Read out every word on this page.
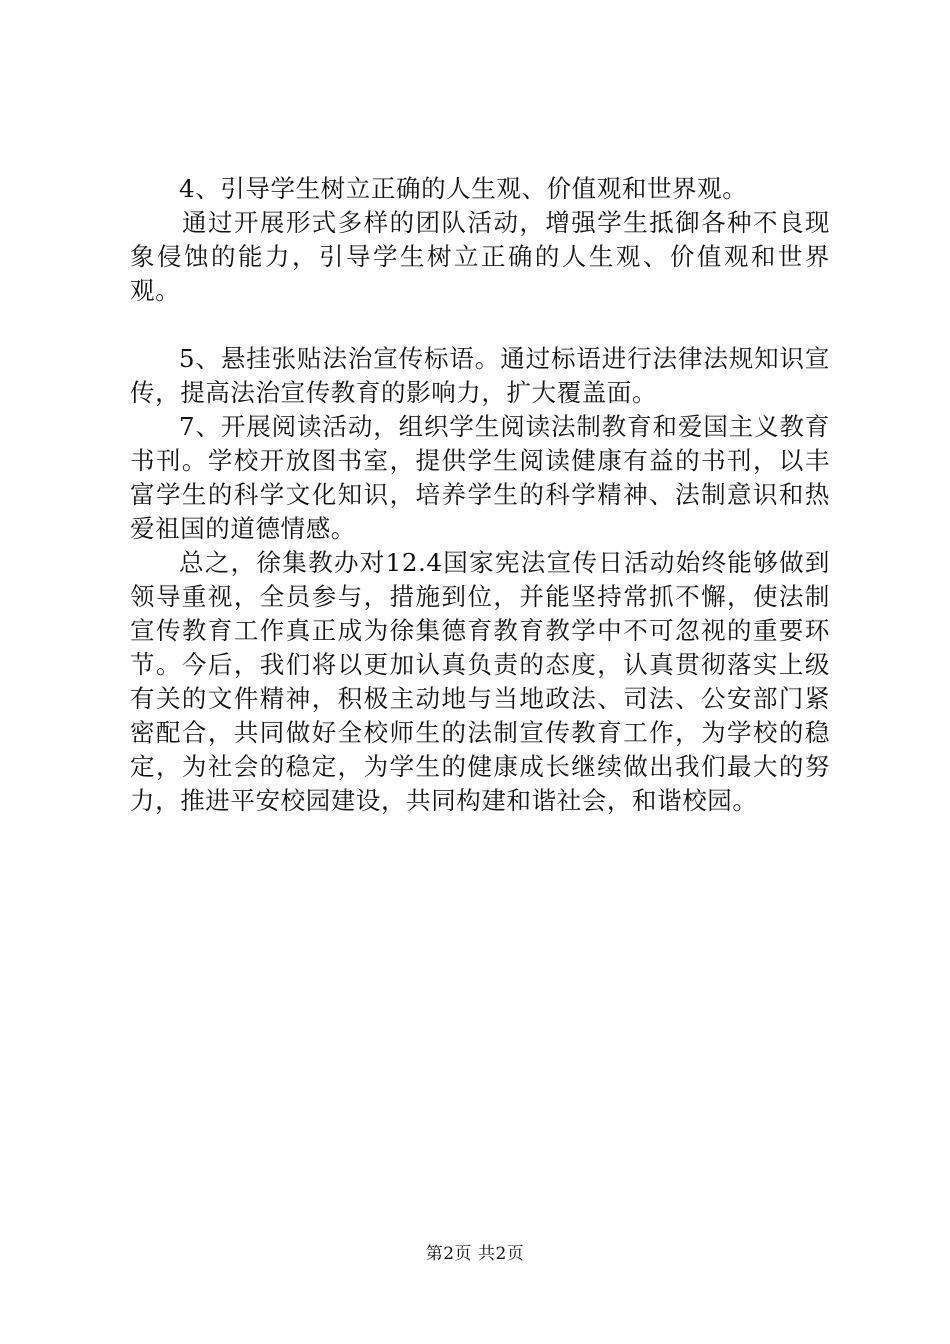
4、引导学生树立正确的人生观、价值观和世界观。

通过开展形式多样的团队活动，增强学生抵御各种不良现象侵蚀的能力，引导学生树立正确的人生观、价值观和世界观。

5、悬挂张贴法治宣传标语。通过标语进行法律法规知识宣传，提高法治宣传教育的影响力，扩大覆盖面。

7、开展阅读活动，组织学生阅读法制教育和爱国主义教育书刊。学校开放图书室，提供学生阅读健康有益的书刊，以丰富学生的科学文化知识，培养学生的科学精神、法制意识和热爱祖国的道德情感。

总之，徐集教办对12.4国家宪法宣传日活动始终能够做到领导重视，全员参与，措施到位，并能坚持常抓不懈，使法制宣传教育工作真正成为徐集德育教育教学中不可忽视的重要环节。今后，我们将以更加认真负责的态度，认真贯彻落实上级有关的文件精神，积极主动地与当地政法、司法、公安部门紧密配合，共同做好全校师生的法制宣传教育工作，为学校的稳定，为社会的稳定，为学生的健康成长继续做出我们最大的努力，推进平安校园建设，共同构建和谐社会，和谐校园。

第2页 共2页
